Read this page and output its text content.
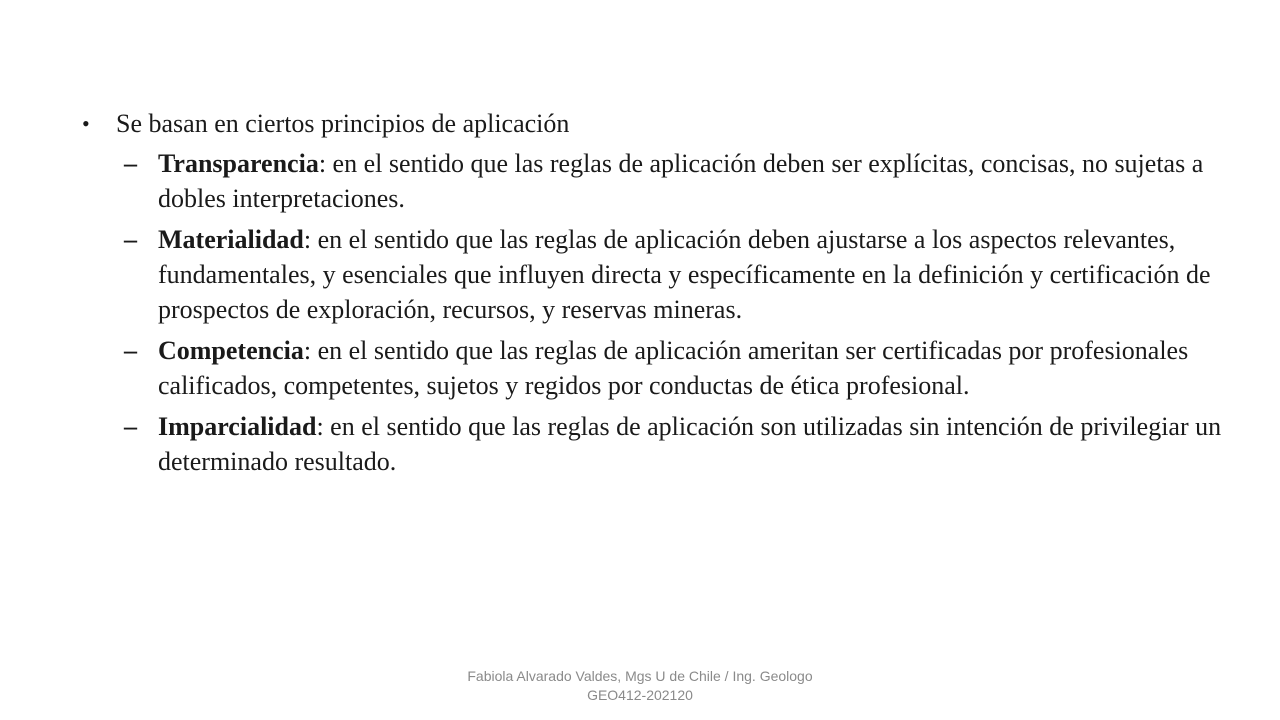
• Se basan en ciertos principios de aplicación
– Transparencia: en el sentido que las reglas de aplicación deben ser explícitas, concisas, no sujetas a dobles interpretaciones.
– Materialidad: en el sentido que las reglas de aplicación deben ajustarse a los aspectos relevantes, fundamentales, y esenciales que influyen directa y específicamente en la definición y certificación de prospectos de exploración, recursos, y reservas mineras.
– Competencia: en el sentido que las reglas de aplicación ameritan ser certificadas por profesionales calificados, competentes, sujetos y regidos por conductas de ética profesional.
– Imparcialidad: en el sentido que las reglas de aplicación son utilizadas sin intención de privilegiar un determinado resultado.
Fabiola Alvarado Valdes, Mgs U de Chile / Ing. Geologo
GEO412-202120
